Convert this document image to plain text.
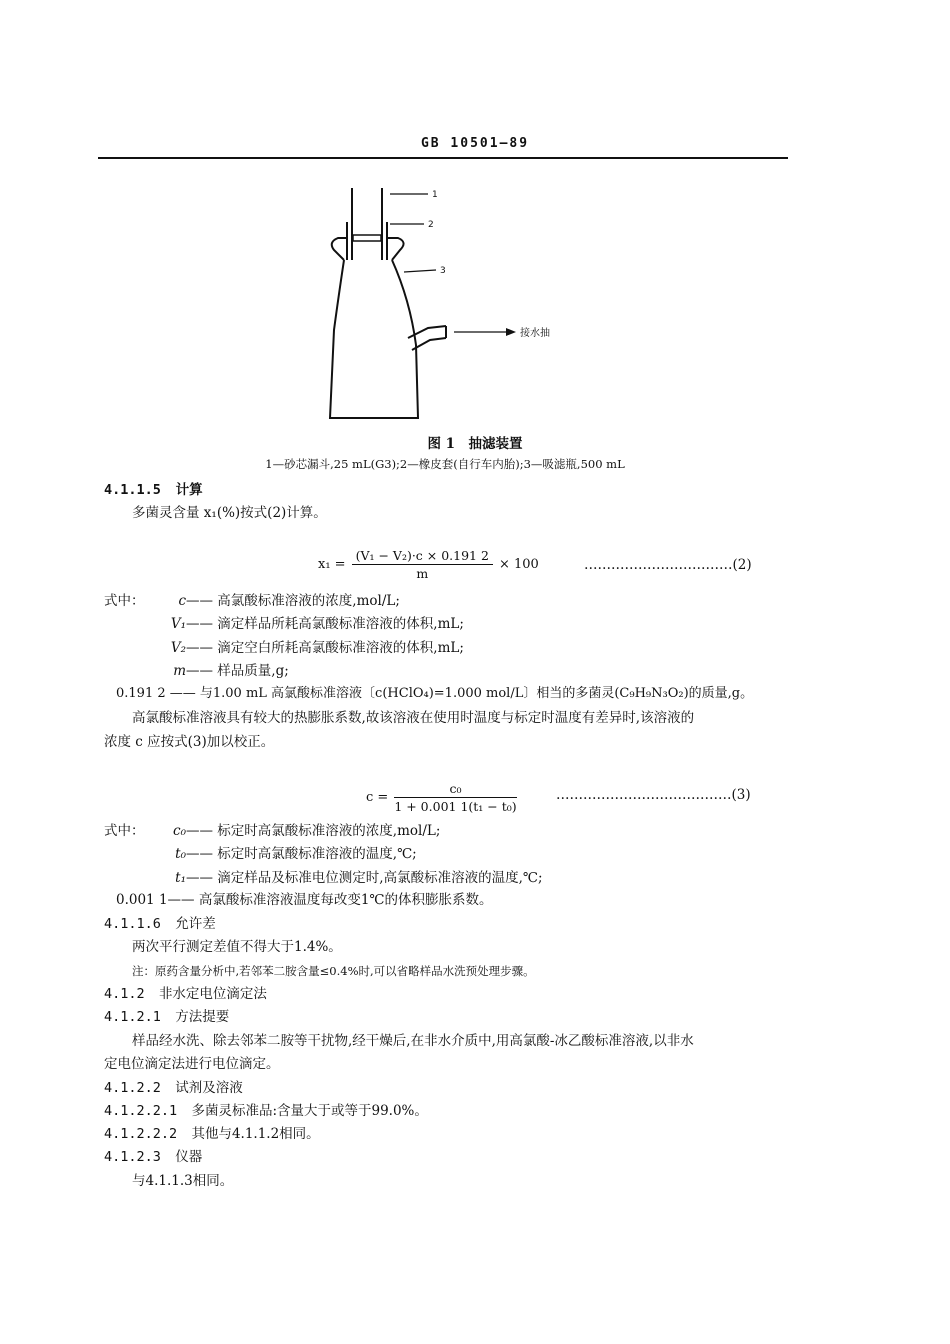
GB 10501—89
1
2
3
接水抽
图 1　抽滤装置
1—砂芯漏斗,25 mL(G3);2—橡皮套(自行车内胎);3—吸滤瓶,500 mL
4.1.1.5 计算
多菌灵含量 x₁(%)按式(2)计算。
$x_1 = \frac{\text{(V₁ − V₂)·c × 0.191 2}}{m} \times 100$	……………………………(2)
式中：	c—— 高氯酸标准溶液的浓度,mol/L;
V₁—— 滴定样品所耗高氯酸标准溶液的体积,mL;
V₂—— 滴定空白所耗高氯酸标准溶液的体积,mL;
m—— 样品质量,g;
0.191 2 —— 与1.00 mL 高氯酸标准溶液〔c(HClO₄)=1.000 mol/L〕相当的多菌灵(C₉H₉N₃O₂)的质量,g。
高氯酸标准溶液具有较大的热膨胀系数,故该溶液在使用时温度与标定时温度有差异时,该溶液的
浓度 c 应按式(3)加以校正。
$c = \frac{\text{c₀}}{\text{1 + 0.001 1(t₁ − t₀)}}$	…………………………………(3)
式中：	c₀—— 标定时高氯酸标准溶液的浓度,mol/L;
t₀—— 标定时高氯酸标准溶液的温度,℃;
t₁—— 滴定样品及标准电位测定时,高氯酸标准溶液的温度,℃;
0.001 1—— 高氯酸标准溶液温度每改变1℃的体积膨胀系数。
4.1.1.6 允许差
两次平行测定差值不得大于1.4%。
注：原药含量分析中,若邻苯二胺含量≤0.4%时,可以省略样品水洗预处理步骤。
4.1.2 非水定电位滴定法
4.1.2.1 方法提要
样品经水洗、除去邻苯二胺等干扰物,经干燥后,在非水介质中,用高氯酸-冰乙酸标准溶液,以非水
定电位滴定法进行电位滴定。
4.1.2.2 试剂及溶液
4.1.2.2.1 多菌灵标准品:含量大于或等于99.0%。
4.1.2.2.2 其他与4.1.1.2相同。
4.1.2.3 仪器
与4.1.1.3相同。
